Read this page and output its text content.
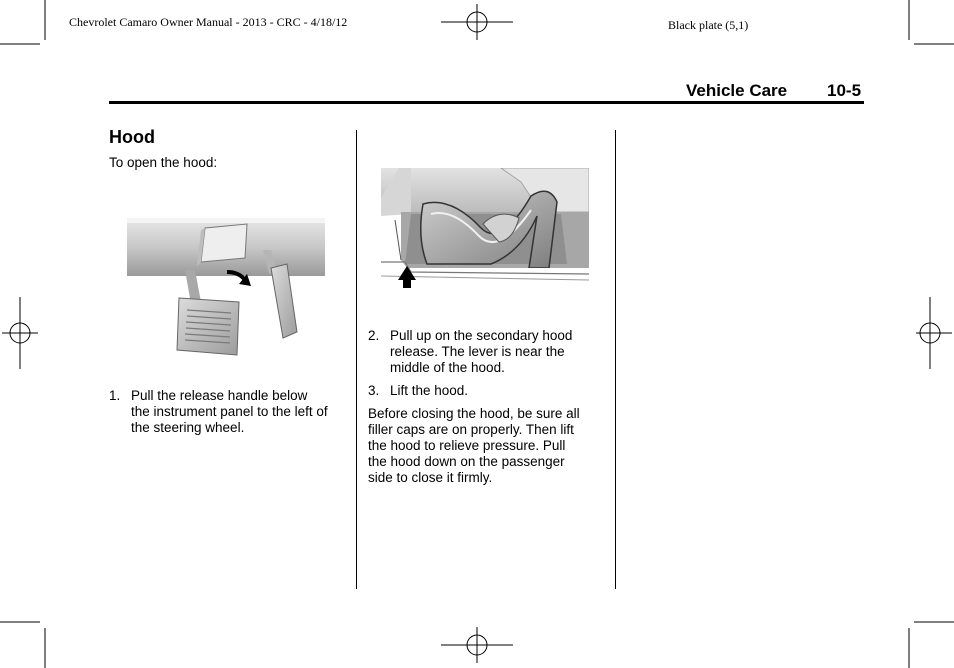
Chevrolet Camaro Owner Manual - 2013 - CRC - 4/18/12	Black plate (5,1)
Vehicle Care 10-5
Hood
To open the hood:
1. Pull the release handle below
the instrument panel to the left of
the steering wheel.
2. Pull up on the secondary hood
release. The lever is near the
middle of the hood.
3. Lift the hood.
Before closing the hood, be sure all
filler caps are on properly. Then lift
the hood to relieve pressure. Pull
the hood down on the passenger
side to close it firmly.
